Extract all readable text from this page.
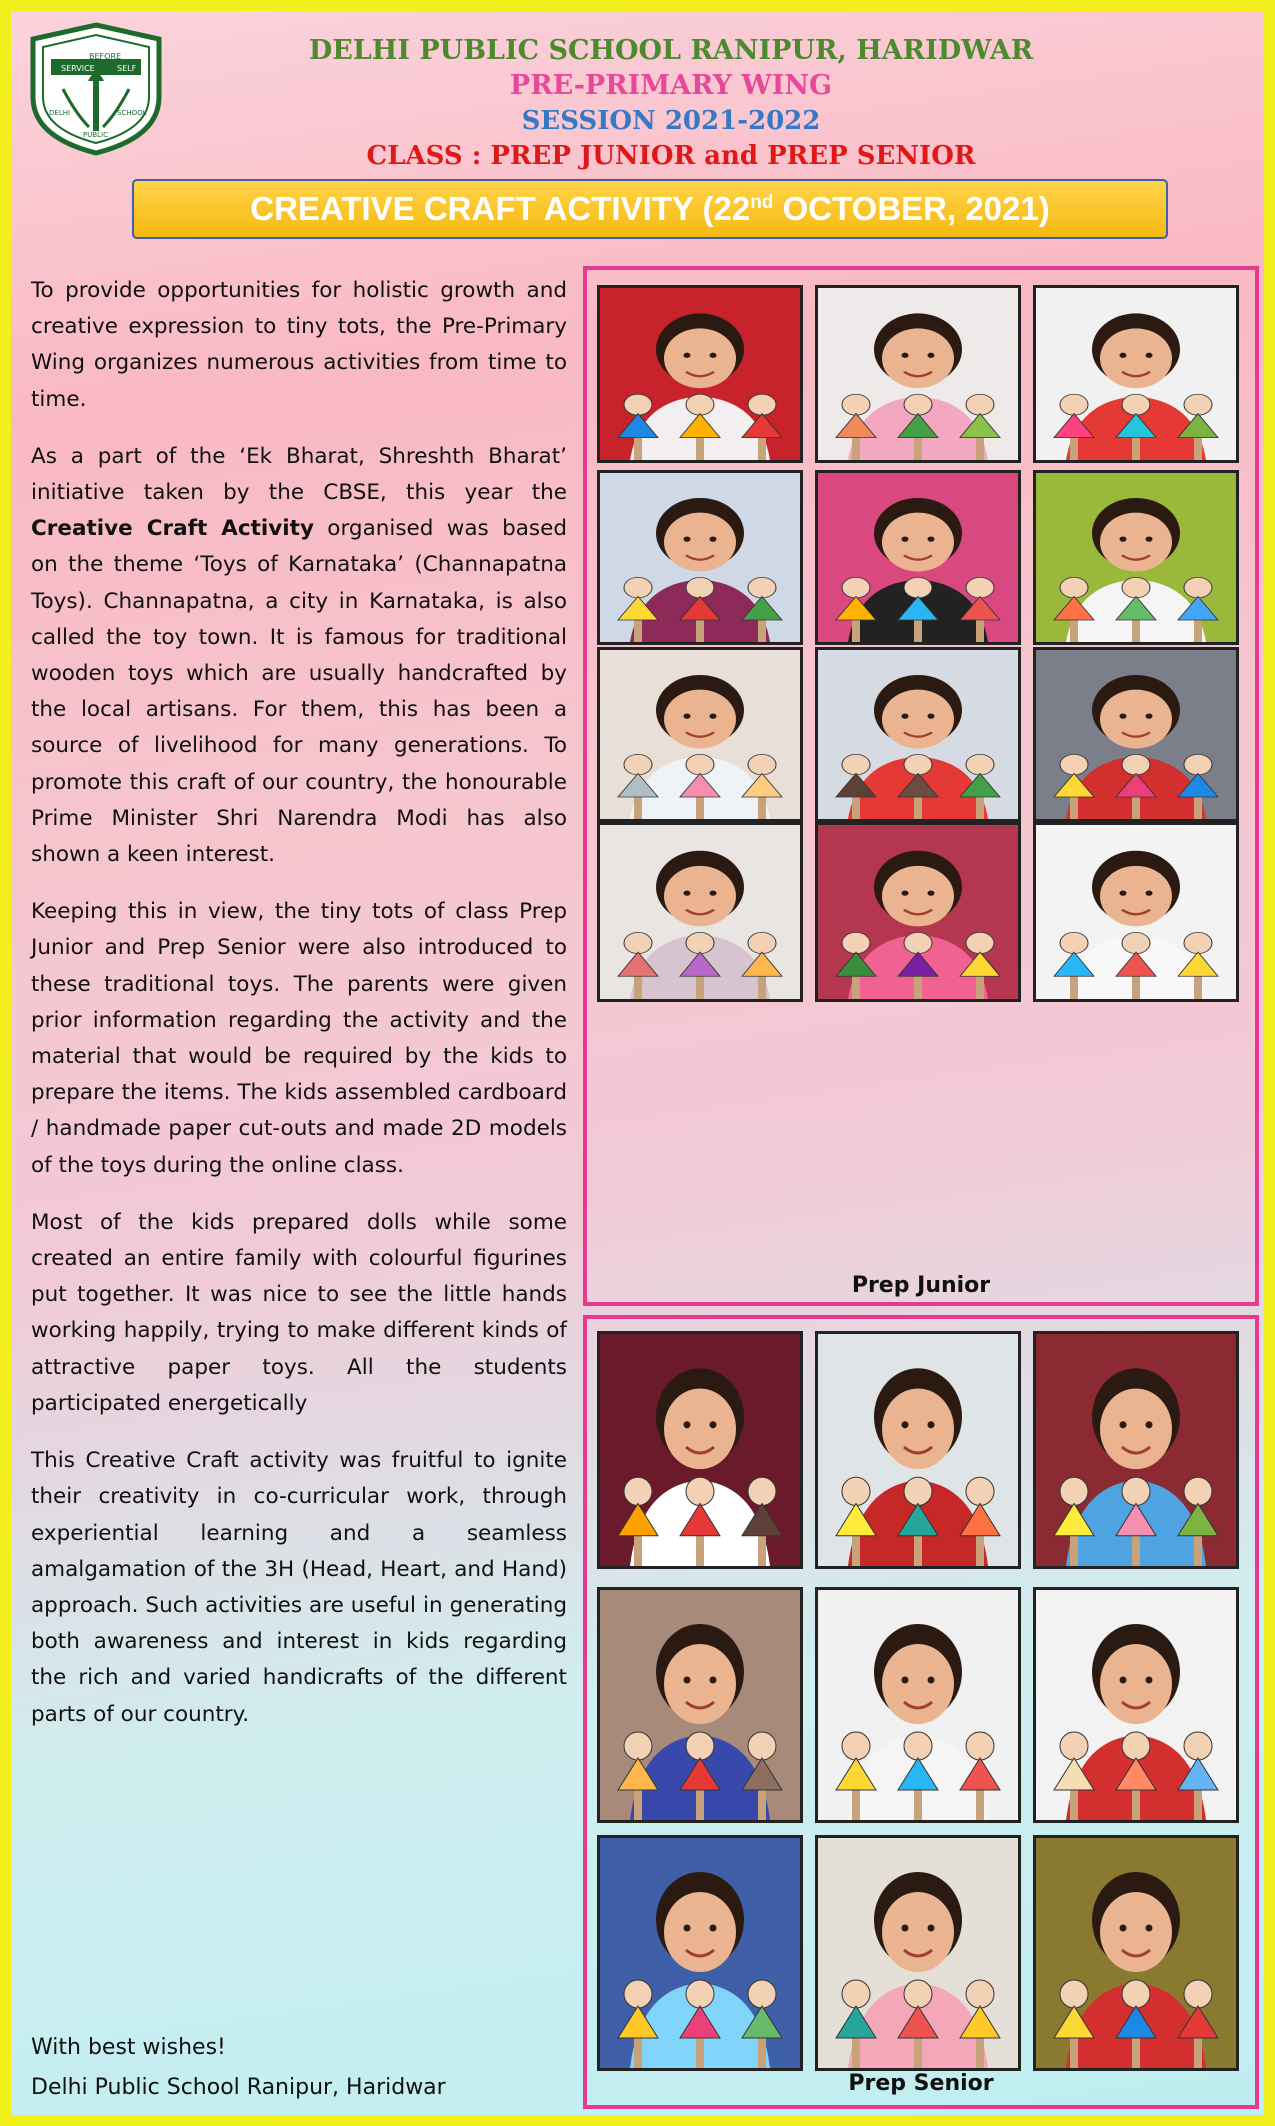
SERVICE
BEFORE
SELF
DELHI
PUBLIC
SCHOOL
DELHI PUBLIC SCHOOL RANIPUR, HARIDWAR
PRE-PRIMARY WING
SESSION 2021-2022
CLASS : PREP JUNIOR and PREP SENIOR
CREATIVE CRAFT ACTIVITY (22nd OCTOBER, 2021)

To provide opportunities for holistic growth and creative expression to tiny tots, the Pre-Primary Wing organizes numerous activities from time to time.

As a part of the ‘Ek Bharat, Shreshth Bharat’ initiative taken by the CBSE, this year the Creative Craft Activity organised was based on the theme ‘Toys of Karnataka’ (Channapatna Toys). Channapatna, a city in Karnataka, is also called the toy town. It is famous for traditional wooden toys which are usually handcrafted by the local artisans. For them, this has been a source of livelihood for many generations. To promote this craft of our country, the honourable Prime Minister Shri Narendra Modi has also shown a keen interest.

Keeping this in view, the tiny tots of class Prep Junior and Prep Senior were also introduced to these traditional toys. The parents were given prior information regarding the activity and the material that would be required by the kids to prepare the items. The kids assembled cardboard / handmade paper cut-outs and made 2D models of the toys during the online class.

Most of the kids prepared dolls while some created an entire family with colourful figurines put together. It was nice to see the little hands working happily, trying to make different kinds of attractive paper toys. All the students participated energetically

This Creative Craft activity was fruitful to ignite their creativity in co-curricular work, through experiential learning and a seamless amalgamation of the 3H (Head, Heart, and Hand) approach. Such activities are useful in generating both awareness and interest in kids regarding the rich and varied handicrafts of the different parts of our country.

With best wishes!
Delhi Public School Ranipur, Haridwar
Prep Junior
Prep Senior
